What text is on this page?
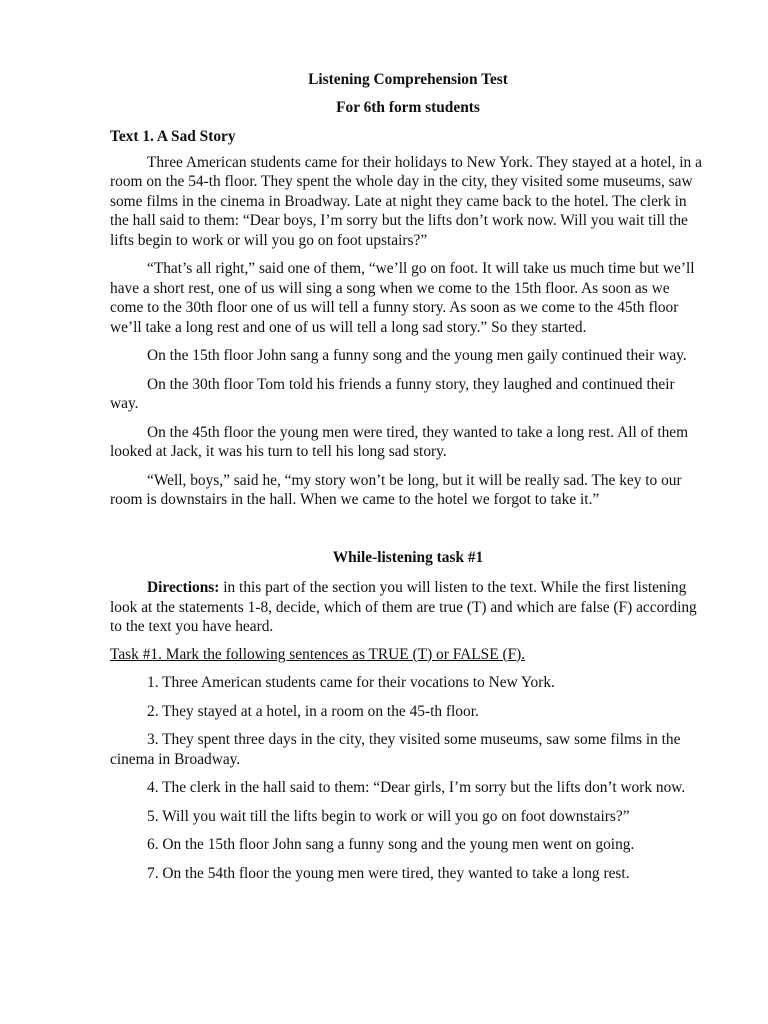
Listening Comprehension Test

For 6th form students

Text 1. A Sad Story

Three American students came for their holidays to New York. They stayed at a hotel, in a room on the 54-th floor. They spent the whole day in the city, they visited some museums, saw some films in the cinema in Broadway. Late at night they came back to the hotel. The clerk in the hall said to them: “Dear boys, I’m sorry but the lifts don’t work now. Will you wait till the lifts begin to work or will you go on foot upstairs?”

“That’s all right,” said one of them, “we’ll go on foot. It will take us much time but we’ll have a short rest, one of us will sing a song when we come to the 15th floor. As soon as we come to the 30th floor one of us will tell a funny story. As soon as we come to the 45th floor we’ll take a long rest and one of us will tell a long sad story.” So they started.

On the 15th floor John sang a funny song and the young men gaily continued their way.

On the 30th floor Tom told his friends a funny story, they laughed and continued their way.

On the 45th floor the young men were tired, they wanted to take a long rest. All of them looked at Jack, it was his turn to tell his long sad story.

“Well, boys,” said he, “my story won’t be long, but it will be really sad. The key to our room is downstairs in the hall. When we came to the hotel we forgot to take it.”

While-listening task #1

Directions: in this part of the section you will listen to the text. While the first listening look at the statements 1-8, decide, which of them are true (T) and which are false (F) according to the text you have heard.

Task #1. Mark the following sentences as TRUE (T) or FALSE (F).

1. Three American students came for their vocations to New York.

2. They stayed at a hotel, in a room on the 45-th floor.

3. They spent three days in the city, they visited some museums, saw some films in the cinema in Broadway.

4. The clerk in the hall said to them: “Dear girls, I’m sorry but the lifts don’t work now.

5. Will you wait till the lifts begin to work or will you go on foot downstairs?”

6. On the 15th floor John sang a funny song and the young men went on going.

7. On the 54th floor the young men were tired, they wanted to take a long rest.
